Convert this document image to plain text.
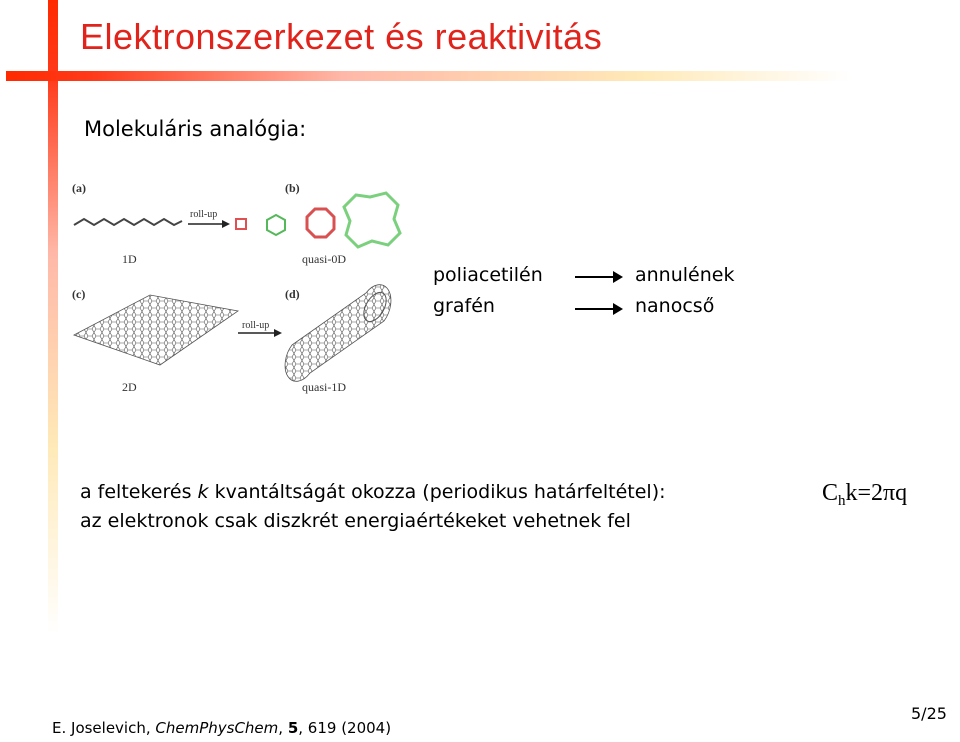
Elektronszerkezet és reaktivitás
Molekuláris analógia:
(a)	(b)
(c)	(d)
1D	quasi-0D
2D	quasi-1D
roll-up
roll-up
poliacetilén	annulének
grafén	nanocső
a feltekerés k kvantáltságát okozza (periodikus határfeltétel):	$C_hk=2\pi q$
az elektronok csak diszkrét energiaértékeket vehetnek fel
E. Joselevich, ChemPhysChem, 5, 619 (2004)
5/25
